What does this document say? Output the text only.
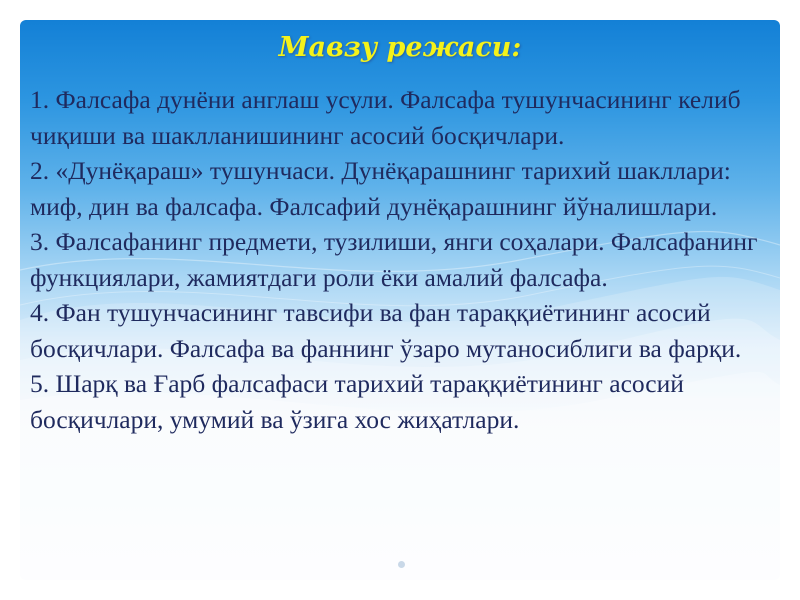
Мавзу режаси:
1. Фалсафа дунёни англаш усули. Фалсафа тушунчасининг келиб чиқиши ва шаклланишининг асосий босқичлари.
2. «Дунёқараш» тушунчаси. Дунёқарашнинг тарихий шакллари: миф, дин ва фалсафа. Фалсафий дунёқарашнинг йўналишлари.
3. Фалсафанинг предмети, тузилиши, янги соҳалари. Фалсафанинг функциялари, жамиятдаги роли ёки амалий фалсафа.
4. Фан тушунчасининг тавсифи ва фан тараққиётининг асосий босқичлари. Фалсафа ва фаннинг ўзаро мутаносиблиги ва фарқи.
5. Шарқ ва Ғарб фалсафаси тарихий тараққиётининг асосий босқичлари, умумий ва ўзига хос жиҳатлари.
